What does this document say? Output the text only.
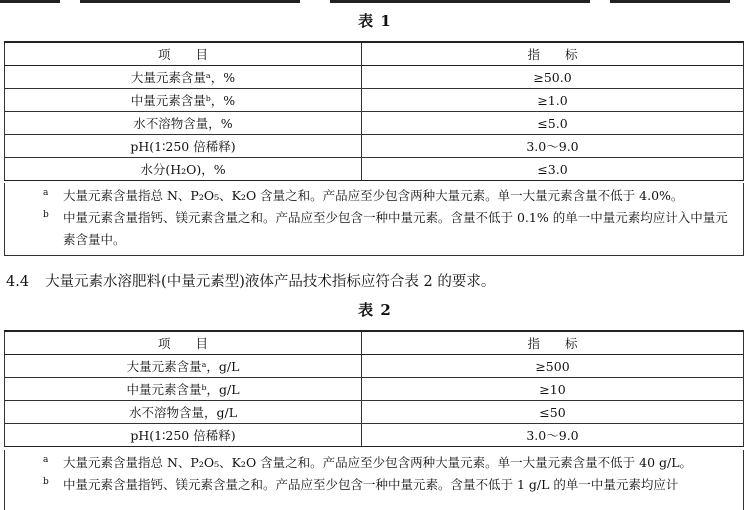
表 1
项　　目	指　　标
大量元素含量ᵃ，%	≥50.0
中量元素含量ᵇ，%	≥1.0
水不溶物含量，%	≤5.0
pH(1∶250 倍稀释)	3.0～9.0
水分(H₂O)，%	≤3.0
a 大量元素含量指总 N、P₂O₅、K₂O 含量之和。产品应至少包含两种大量元素。单一大量元素含量不低于 4.0%。
b 中量元素含量指钙、镁元素含量之和。产品应至少包含一种中量元素。含量不低于 0.1% 的单一中量元素均应计入中量元素含量中。
4.4 大量元素水溶肥料(中量元素型)液体产品技术指标应符合表 2 的要求。
表 2
项　　目	指　　标
大量元素含量ᵃ，g/L	≥500
中量元素含量ᵇ，g/L	≥10
水不溶物含量，g/L	≤50
pH(1∶250 倍稀释)	3.0～9.0
a 大量元素含量指总 N、P₂O₅、K₂O 含量之和。产品应至少包含两种大量元素。单一大量元素含量不低于 40 g/L。
b 中量元素含量指钙、镁元素含量之和。产品应至少包含一种中量元素。含量不低于 1 g/L 的单一中量元素均应计
